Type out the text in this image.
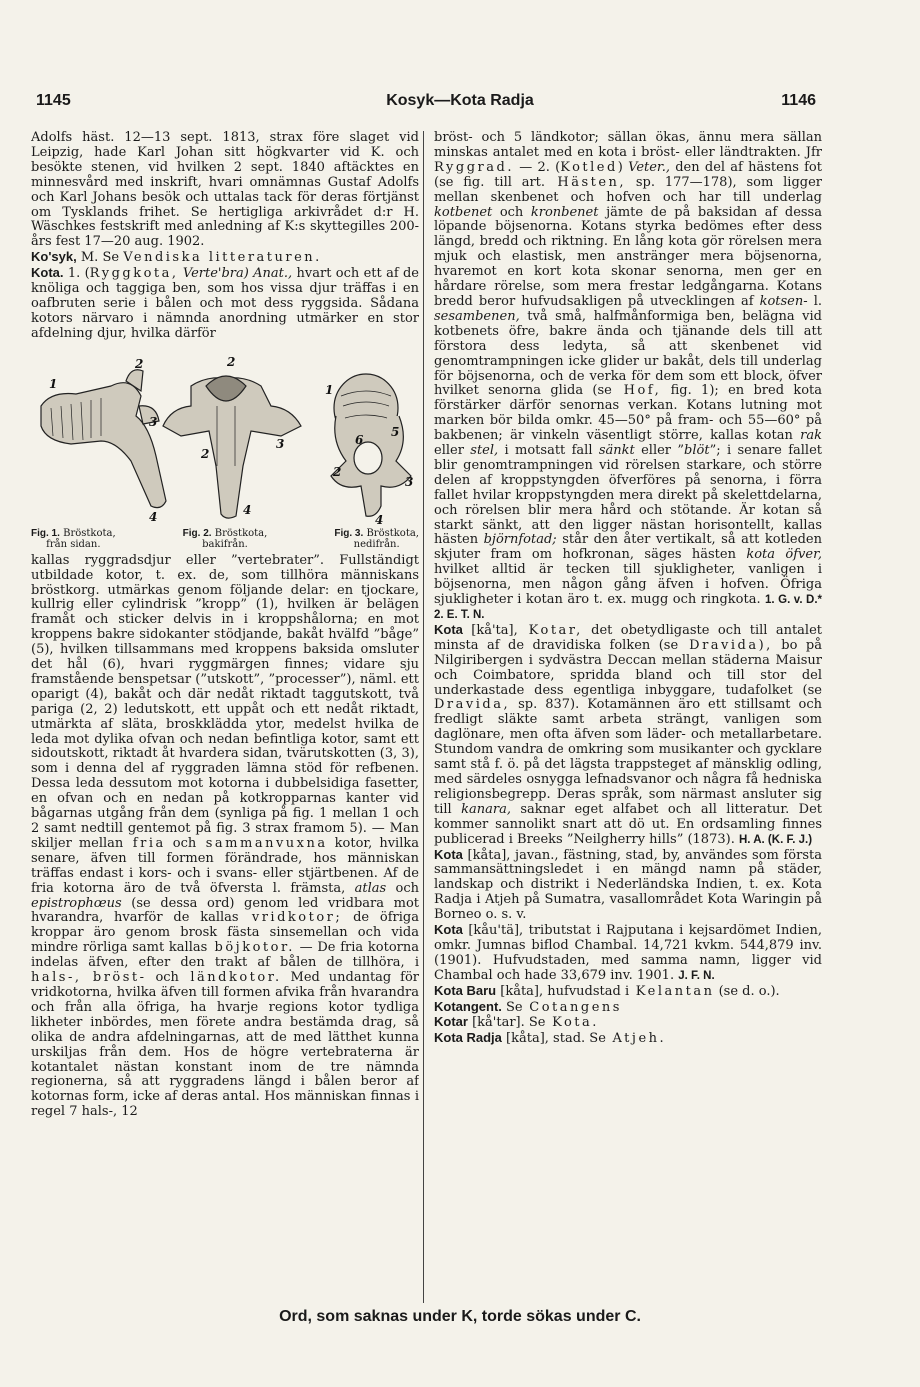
1145	Kosyk—Kota Radja	1146

Adolfs häst. 12—13 sept. 1813, strax före slaget vid Leipzig, hade Karl Johan sitt högkvarter vid K. och besökte stenen, vid hvilken 2 sept. 1840 aftäcktes en minnesvård med inskrift, hvari omnämnas Gustaf Adolfs och Karl Johans besök och uttalas tack för deras förtjänst om Tysklands frihet. Se hertigliga arkivrådet d:r H. Wäschkes festskrift med anledning af K:s skyttegilles 200-års fest 17—20 aug. 1902.

Ko'syk, M. Se Vendiska litteraturen.

Kota. 1. (Ryggkota, Verte'bra) Anat., hvart och ett af de knöliga och taggiga ben, som hos vissa djur träffas i en oafbruten serie i bålen och mot dess ryggsida. Sådana kotors närvaro i nämnda anordning utmärker en stor afdelning djur, hvilka därför

1
2
3
4
2
3
2
4
1
6
5
2
4
3
Fig. 1. Bröstkota,
från sidan.
Fig. 2. Bröstkota,
bakifrån.
Fig. 3. Bröstkota,
nedifrån.

kallas ryggradsdjur eller ”vertebrater”. Fullständigt utbildade kotor, t. ex. de, som tillhöra människans bröstkorg. utmärkas genom följande delar: en tjockare, kullrig eller cylindrisk ”kropp” (1), hvilken är belägen framåt och sticker delvis in i kroppshålorna; en mot kroppens bakre sidokanter stödjande, bakåt hvälfd ”båge” (5), hvilken tillsammans med kroppens baksida omsluter det hål (6), hvari ryggmärgen finnes; vidare sju framstående benspetsar (”utskott”, ”processer”), näml. ett oparigt (4), bakåt och där nedåt riktadt taggutskott, två pariga (2, 2) ledutskott, ett uppåt och ett nedåt riktadt, utmärkta af släta, broskklädda ytor, medelst hvilka de leda mot dylika ofvan och nedan befintliga kotor, samt ett sidoutskott, riktadt åt hvardera sidan, tvärutskotten (3, 3), som i denna del af ryggraden lämna stöd för refbenen. Dessa leda dessutom mot kotorna i dubbelsidiga fasetter, en ofvan och en nedan på kotkropparnas kanter vid bågarnas utgång från dem (synliga på fig. 1 mellan 1 och 2 samt nedtill gentemot på fig. 3 strax framom 5). — Man skiljer mellan fria och sammanvuxna kotor, hvilka senare, äfven till formen förändrade, hos människan träffas endast i kors- och i svans- eller stjärtbenen. Af de fria kotorna äro de två öfversta l. främsta, atlas och epistrophœus (se dessa ord) genom led vridbara mot hvarandra, hvarför de kallas vridkotor; de öfriga kroppar äro genom brosk fästa sinsemellan och vida mindre rörliga samt kallas böjkotor. — De fria kotorna indelas äfven, efter den trakt af bålen de tillhöra, i hals-, bröst- och ländkotor. Med undantag för vridkotorna, hvilka äfven till formen afvika från hvarandra och från alla öfriga, ha hvarje regions kotor tydliga likheter inbördes, men förete andra bestämda drag, så olika de andra afdelningarnas, att de med lätthet kunna urskiljas från dem. Hos de högre vertebraterna är kotantalet nästan konstant inom de tre nämnda regionerna, så att ryggradens längd i bålen beror af kotornas form, icke af deras antal. Hos människan finnas i regel 7 hals-, 12

bröst- och 5 ländkotor; sällan ökas, ännu mera sällan minskas antalet med en kota i bröst- eller ländtrakten. Jfr Ryggrad. — 2. (Kotled) Veter., den del af hästens fot (se fig. till art. Hästen, sp. 177—178), som ligger mellan skenbenet och hofven och har till underlag kotbenet och kronbenet jämte de på baksidan af dessa löpande böjsenorna. Kotans styrka bedömes efter dess längd, bredd och riktning. En lång kota gör rörelsen mera mjuk och elastisk, men anstränger mera böjsenorna, hvaremot en kort kota skonar senorna, men ger en hårdare rörelse, som mera frestar ledgångarna. Kotans bredd beror hufvudsakligen på utvecklingen af kotsen- l. sesambenen, två små, halfmånformiga ben, belägna vid kotbenets öfre, bakre ända och tjänande dels till att förstora dess ledyta, så att skenbenet vid genomtrampningen icke glider ur bakåt, dels till underlag för böjsenorna, och de verka för dem som ett block, öfver hvilket senorna glida (se Hof, fig. 1); en bred kota förstärker därför senornas verkan. Kotans lutning mot marken bör bilda omkr. 45—50° på fram- och 55—60° på bakbenen; är vinkeln väsentligt större, kallas kotan rak eller stel, i motsatt fall sänkt eller ”blöt”; i senare fallet blir genomtrampningen vid rörelsen starkare, och större delen af kroppstyngden öfverföres på senorna, i förra fallet hvilar kroppstyngden mera direkt på skelettdelarna, och rörelsen blir mera hård och stötande. Är kotan så starkt sänkt, att den ligger nästan horisontellt, kallas hästen björnfotad; står den åter vertikalt, så att kotleden skjuter fram om hofkronan, säges hästen kota öfver, hvilket alltid är tecken till sjukligheter, vanligen i böjsenorna, men någon gång äfven i hofven. Öfriga sjukligheter i kotan äro t. ex. mugg och ringkota. 1. G. v. D.* 2. E. T. N.

Kota [kå'ta], Kotar, det obetydligaste och till antalet minsta af de dravidiska folken (se Dravida), bo på Nilgiribergen i sydvästra Deccan mellan städerna Maisur och Coimbatore, spridda bland och till stor del underkastade dess egentliga inbyggare, tudafolket (se Dravida, sp. 837). Kotamännen äro ett stillsamt och fredligt släkte samt arbeta strängt, vanligen som daglönare, men ofta äfven som läder- och metallarbetare. Stundom vandra de omkring som musikanter och gycklare samt stå f. ö. på det lägsta trappsteget af mänsklig odling, med särdeles osnygga lefnadsvanor och några få hedniska religionsbegrepp. Deras språk, som närmast ansluter sig till kanara, saknar eget alfabet och all litteratur. Det kommer sannolikt snart att dö ut. En ordsamling finnes publicerad i Breeks ”Neilgherry hills” (1873). H. A. (K. F. J.)

Kota [kåta], javan., fästning, stad, by, användes som första sammansättningsledet i en mängd namn på städer, landskap och distrikt i Nederländska Indien, t. ex. Kota Radja i Atjeh på Sumatra, vasallområdet Kota Waringin på Borneo o. s. v.

Kota [kåu'tä], tributstat i Rajputana i kejsardömet Indien, omkr. Jumnas biflod Chambal. 14,721 kvkm. 544,879 inv. (1901). Hufvudstaden, med samma namn, ligger vid Chambal och hade 33,679 inv. 1901. J. F. N.

Kota Baru [kåta], hufvudstad i Kelantan (se d. o.).

Kotangent. Se Cotangens

Kotar [kå'tar]. Se Kota.

Kota Radja [kåta], stad. Se Atjeh.

Ord, som saknas under K, torde sökas under C.
